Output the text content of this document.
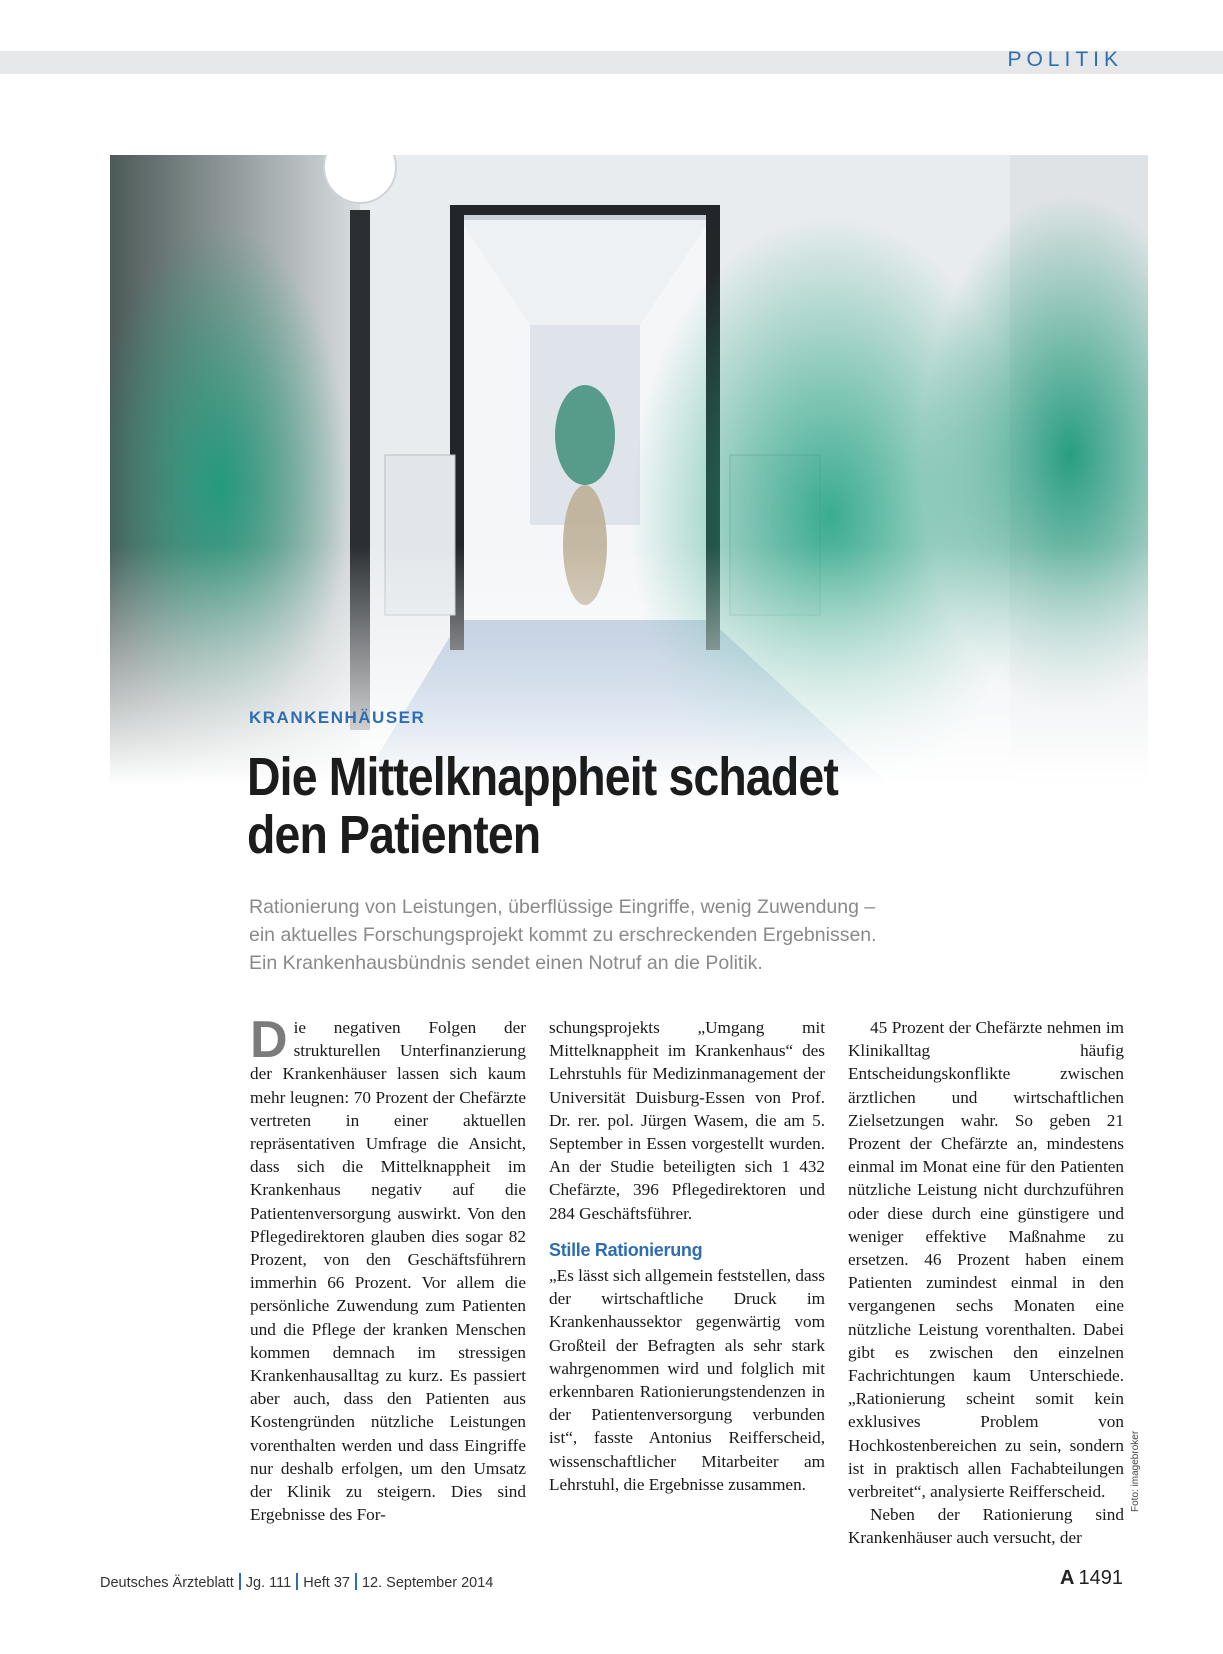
POLITIK
KRANKENHÄUSER
Die Mittelknappheit schadet
den Patienten
Rationierung von Leistungen, überflüssige Eingriffe, wenig Zuwendung –
ein aktuelles Forschungsprojekt kommt zu erschreckenden Ergebnissen.
Ein Krankenhausbündnis sendet einen Notruf an die Politik.
D ie negativen Folgen der strukturellen Unterfinanzierung der Krankenhäuser lassen sich kaum mehr leugnen: 70 Prozent der Chefärzte vertreten in einer aktuellen repräsentativen Umfrage die Ansicht, dass sich die Mittelknappheit im Krankenhaus negativ auf die Patientenversorgung auswirkt. Von den Pflegedirektoren glauben dies sogar 82 Prozent, von den Geschäftsführern immerhin 66 Prozent. Vor allem die persönliche Zuwendung zum Patienten und die Pflege der kranken Menschen kommen demnach im stressigen Krankenhausalltag zu kurz. Es passiert aber auch, dass den Patienten aus Kostengründen nützliche Leistungen vorenthalten werden und dass Eingriffe nur deshalb erfolgen, um den Umsatz der Klinik zu steigern. Dies sind Ergebnisse des For-

schungsprojekts „Umgang mit Mittelknappheit im Krankenhaus“ des Lehrstuhls für Medizinmanagement der Universität Duisburg-Essen von Prof. Dr. rer. pol. Jürgen Wasem, die am 5. September in Essen vorgestellt wurden. An der Studie beteiligten sich 1 432 Chefärzte, 396 Pflegedirektoren und 284 Geschäftsführer.

Stille Rationierung

„Es lässt sich allgemein feststellen, dass der wirtschaftliche Druck im Krankenhaussektor gegenwärtig vom Großteil der Befragten als sehr stark wahrgenommen wird und folglich mit erkennbaren Rationierungstendenzen in der Patientenversorgung verbunden ist“, fasste Antonius Reifferscheid, wissenschaftlicher Mitarbeiter am Lehrstuhl, die Ergebnisse zusammen.

45 Prozent der Chefärzte nehmen im Klinikalltag häufig Entscheidungskonflikte zwischen ärztlichen und wirtschaftlichen Zielsetzungen wahr. So geben 21 Prozent der Chefärzte an, mindestens einmal im Monat eine für den Patienten nützliche Leistung nicht durchzuführen oder diese durch eine günstigere und weniger effektive Maßnahme zu ersetzen. 46 Prozent haben einem Patienten zumindest einmal in den vergangenen sechs Monaten eine nützliche Leistung vorenthalten. Dabei gibt es zwischen den einzelnen Fachrichtungen kaum Unterschiede. „Rationierung scheint somit kein exklusives Problem von Hochkostenbereichen zu sein, sondern ist in praktisch allen Fachabteilungen verbreitet“, analysierte Reifferscheid.

Neben der Rationierung sind Krankenhäuser auch versucht, der

Foto: imagebroker
Deutsches Ärzteblatt Jg. 111 Heft 37 12. September 2014	A 1491
